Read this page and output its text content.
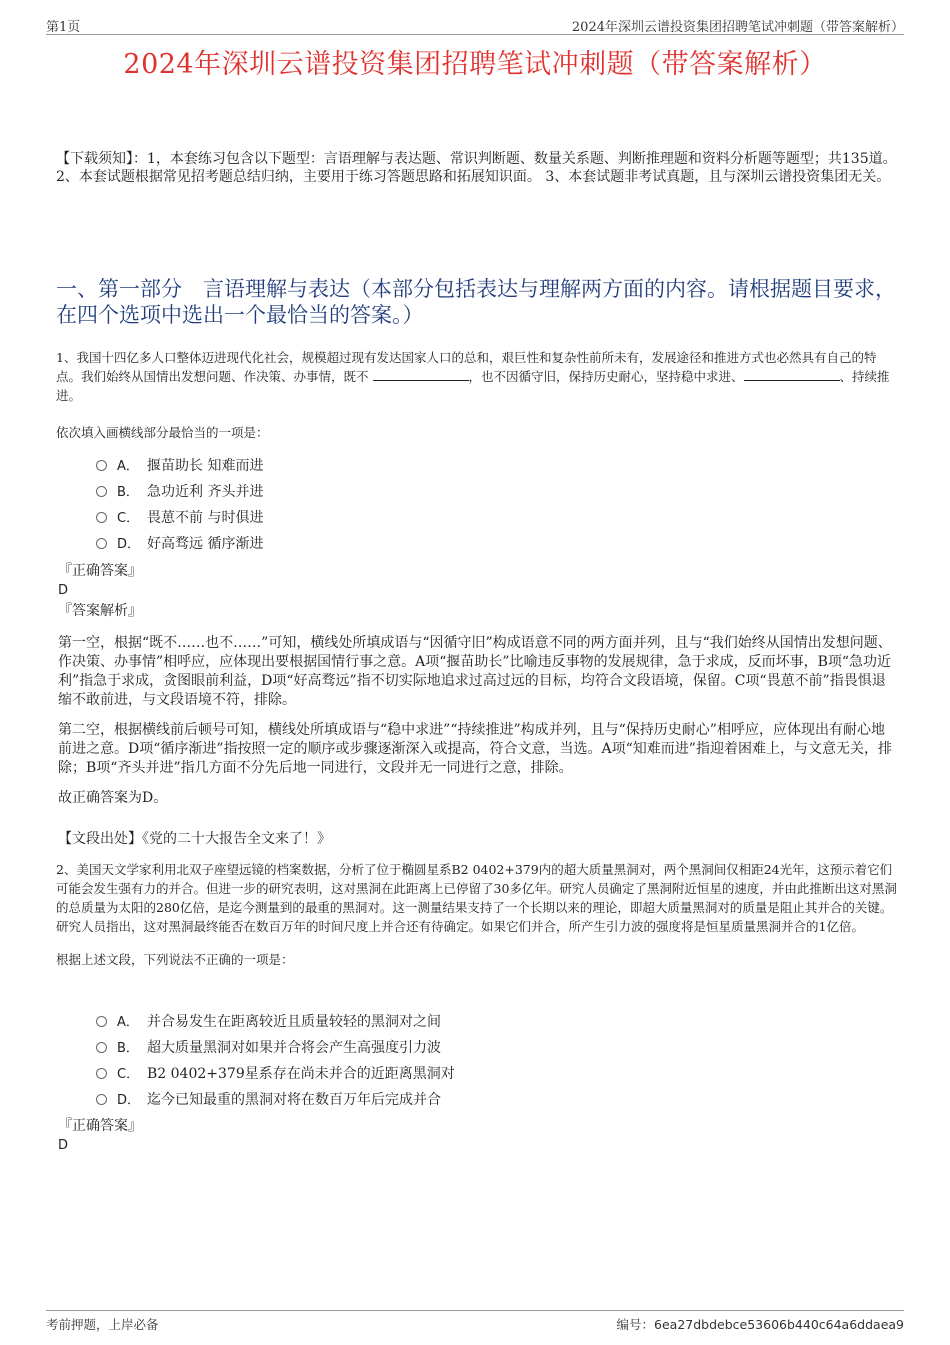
第1页	2024年深圳云谱投资集团招聘笔试冲刺题（带答案解析）
2024年深圳云谱投资集团招聘笔试冲刺题（带答案解析）
【下载须知】：1，本套练习包含以下题型：言语理解与表达题、常识判断题、数量关系题、判断推理题和资料分析题等题型；共135道。 2、本套试题根据常见招考题总结归纳，主要用于练习答题思路和拓展知识面。 3、本套试题非考试真题，且与深圳云谱投资集团无关。
一、第一部分　言语理解与表达（本部分包括表达与理解两方面的内容。请根据题目要求，在四个选项中选出一个最恰当的答案。）
1、我国十四亿多人口整体迈进现代化社会，规模超过现有发达国家人口的总和，艰巨性和复杂性前所未有，发展途径和推进方式也必然具有自己的特点。我们始终从国情出发想问题、作决策、办事情，既不	，也不因循守旧，保持历史耐心，坚持稳中求进、	、持续推进。
依次填入画横线部分最恰当的一项是：
A． 揠苗助长 知难而进
B． 急功近利 齐头并进
C． 畏葸不前 与时俱进
D． 好高骛远 循序渐进
『正确答案』
D
『答案解析』

第一空，根据“既不……也不……”可知，横线处所填成语与“因循守旧”构成语意不同的两方面并列，且与“我们始终从国情出发想问题、作决策、办事情”相呼应，应体现出要根据国情行事之意。A项“揠苗助长”比喻违反事物的发展规律，急于求成，反而坏事，B项“急功近利”指急于求成，贪图眼前利益，D项“好高骛远”指不切实际地追求过高过远的目标，均符合文段语境，保留。C项“畏葸不前”指畏惧退缩不敢前进，与文段语境不符，排除。

第二空，根据横线前后顿号可知，横线处所填成语与“稳中求进”“持续推进”构成并列，且与“保持历史耐心”相呼应，应体现出有耐心地前进之意。D项“循序渐进”指按照一定的顺序或步骤逐渐深入或提高，符合文意，当选。A项“知难而进”指迎着困难上，与文意无关，排除；B项“齐头并进”指几方面不分先后地一同进行，文段并无一同进行之意，排除。

故正确答案为D。

【文段出处】《党的二十大报告全文来了！》
2、美国天文学家利用北双子座望远镜的档案数据，分析了位于椭圆星系B2 0402+379内的超大质量黑洞对，两个黑洞间仅相距24光年，这预示着它们可能会发生强有力的并合。但进一步的研究表明，这对黑洞在此距离上已停留了30多亿年。研究人员确定了黑洞附近恒星的速度，并由此推断出这对黑洞的总质量为太阳的280亿倍，是迄今测量到的最重的黑洞对。这一测量结果支持了一个长期以来的理论，即超大质量黑洞对的质量是阻止其并合的关键。研究人员指出，这对黑洞最终能否在数百万年的时间尺度上并合还有待确定。如果它们并合，所产生引力波的强度将是恒星质量黑洞并合的1亿倍。
根据上述文段，下列说法不正确的一项是：
A． 并合易发生在距离较近且质量较轻的黑洞对之间
B． 超大质量黑洞对如果并合将会产生高强度引力波
C． B2 0402+379星系存在尚未并合的近距离黑洞对
D． 迄今已知最重的黑洞对将在数百万年后完成并合
『正确答案』
D
考前押题，上岸必备	编号：6ea27dbdebce53606b440c64a6ddaea9
